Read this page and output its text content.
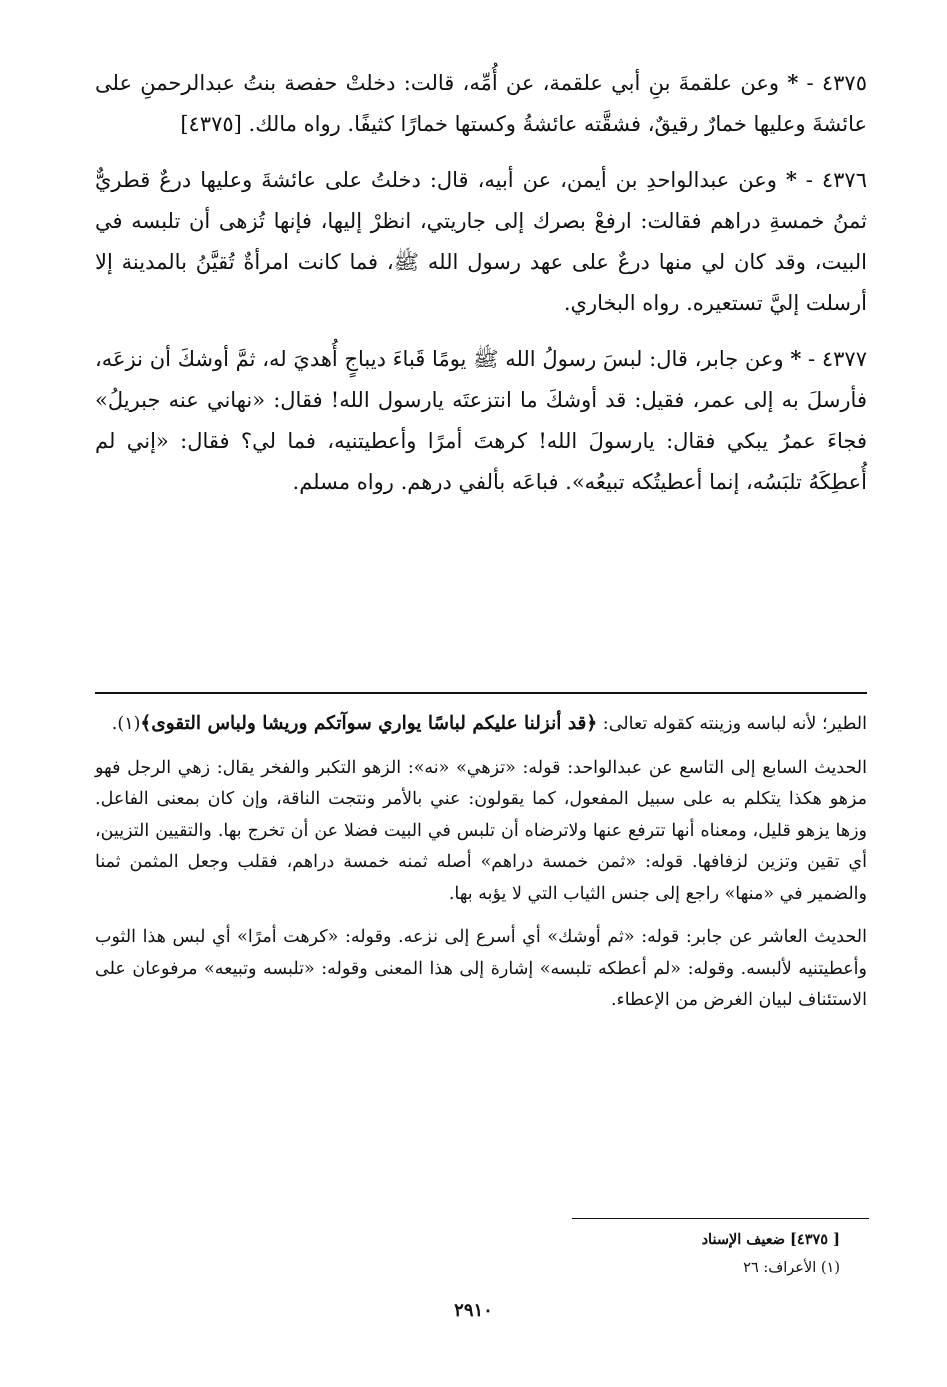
٤٣٧٥ - * وعن علقمةَ بنِ أبي علقمة، عن أُمِّه، قالت: دخلتْ حفصة بنتُ عبدالرحمنِ على عائشةَ وعليها خمارٌ رقيقٌ، فشقَّته عائشةُ وكستها خمارًا كثيفًا. رواه مالك. [٤٣٧٥]

٤٣٧٦ - * وعن عبدالواحدِ بن أيمن، عن أبيه، قال: دخلتُ على عائشةَ وعليها درعٌ قطريٌّ ثمنُ خمسةِ دراهم فقالت: ارفعْ بصرك إلى جاريتي، انظرْ إليها، فإنها تُزهى أن تلبسه في البيت، وقد كان لي منها درعٌ على عهد رسول الله ﷺ، فما كانت امرأةٌ تُقيَّنُ بالمدينة إلا أرسلت إليَّ تستعيره. رواه البخاري.

٤٣٧٧ - * وعن جابر، قال: لبسَ رسولُ الله ﷺ يومًا قَباءَ ديباجٍ أُهديَ له، ثمَّ أوشكَ أن نزعَه، فأرسلَ به إلى عمر، فقيل: قد أوشكَ ما انتزعتَه يارسول الله! فقال: «نهاني عنه جبريلُ» فجاءَ عمرُ يبكي فقال: يارسولَ الله! كرهتَ أمرًا وأعطيتنيه، فما لي؟ فقال: «إني لم أُعطِكَهُ تلبَسُه، إنما أعطيتُكه تبيعُه». فباعَه بألفي درهم. رواه مسلم.

الطير؛ لأنه لباسه وزينته كقوله تعالى: ﴿قد أنزلنا عليكم لباسًا يواري سوآتكم وريشا ولباس التقوى﴾(١).

الحديث السابع إلى التاسع عن عبدالواحد: قوله: «تزهي» «نه»: الزهو التكبر والفخر يقال: زهي الرجل فهو مزهو هكذا يتكلم به على سبيل المفعول، كما يقولون: عني بالأمر ونتجت الناقة، وإن كان بمعنى الفاعل. وزها يزهو قليل، ومعناه أنها تترفع عنها ولاترضاه أن تلبس في البيت فضلا عن أن تخرج بها. والتقيين التزيين، أي تقين وتزين لزفافها. قوله: «ثمن خمسة دراهم» أصله ثمنه خمسة دراهم، فقلب وجعل المثمن ثمنا والضمير في «منها» راجع إلى جنس الثياب التي لا يؤبه بها.

الحديث العاشر عن جابر: قوله: «ثم أوشك» أي أسرع إلى نزعه. وقوله: «كرهت أمرًا» أي لبس هذا الثوب وأعطيتنيه لألبسه. وقوله: «لم أعطكه تلبسه» إشارة إلى هذا المعنى وقوله: «تلبسه وتبيعه» مرفوعان على الاستئناف لبيان الغرض من الإعطاء.

[ ٤٣٧٥] ضعيف الإسناد
(١) الأعراف: ٢٦
٢٩١٠
